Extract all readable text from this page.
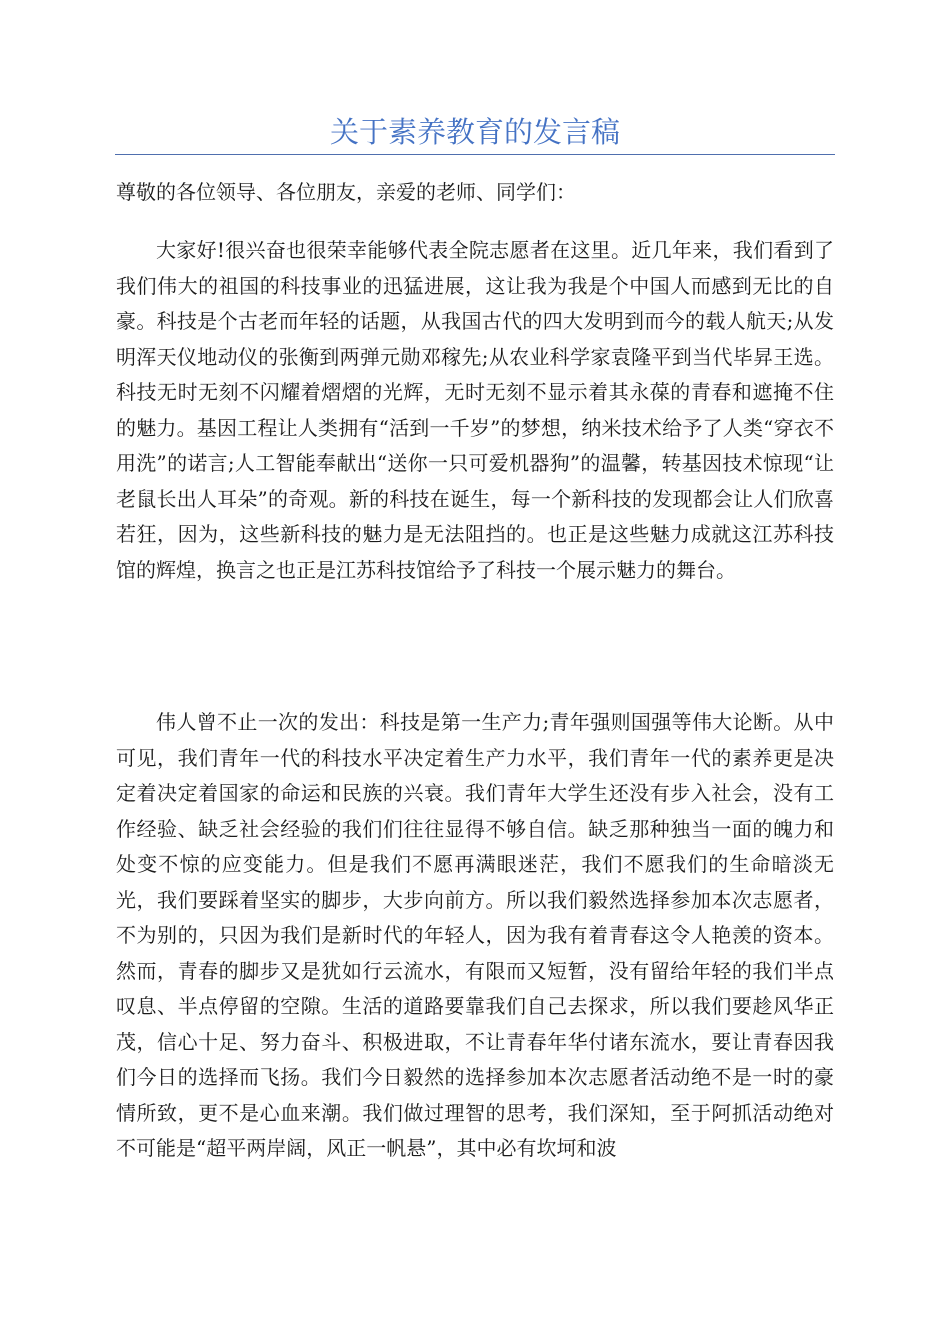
关于素养教育的发言稿

尊敬的各位领导、各位朋友，亲爱的老师、同学们：

大家好!很兴奋也很荣幸能够代表全院志愿者在这里。近几年来，我们看到了我们伟大的祖国的科技事业的迅猛进展，这让我为我是个中国人而感到无比的自豪。科技是个古老而年轻的话题，从我国古代的四大发明到而今的载人航天;从发明浑天仪地动仪的张衡到两弹元勋邓稼先;从农业科学家袁隆平到当代毕昇王选。科技无时无刻不闪耀着熠熠的光辉，无时无刻不显示着其永葆的青春和遮掩不住的魅力。基因工程让人类拥有“活到一千岁”的梦想，纳米技术给予了人类“穿衣不用洗”的诺言;人工智能奉献出“送你一只可爱机器狗”的温馨，转基因技术惊现“让老鼠长出人耳朵”的奇观。新的科技在诞生，每一个新科技的发现都会让人们欣喜若狂，因为，这些新科技的魅力是无法阻挡的。也正是这些魅力成就这江苏科技馆的辉煌，换言之也正是江苏科技馆给予了科技一个展示魅力的舞台。

伟人曾不止一次的发出：科技是第一生产力;青年强则国强等伟大论断。从中可见，我们青年一代的科技水平决定着生产力水平，我们青年一代的素养更是决定着决定着国家的命运和民族的兴衰。我们青年大学生还没有步入社会，没有工作经验、缺乏社会经验的我们们往往显得不够自信。缺乏那种独当一面的魄力和处变不惊的应变能力。但是我们不愿再满眼迷茫，我们不愿我们的生命暗淡无光，我们要踩着坚实的脚步，大步向前方。所以我们毅然选择参加本次志愿者，不为别的，只因为我们是新时代的年轻人，因为我有着青春这令人艳羡的资本。然而，青春的脚步又是犹如行云流水，有限而又短暂，没有留给年轻的我们半点叹息、半点停留的空隙。生活的道路要靠我们自己去探求，所以我们要趁风华正茂，信心十足、努力奋斗、积极进取，不让青春年华付诸东流水，要让青春因我们今日的选择而飞扬。我们今日毅然的选择参加本次志愿者活动绝不是一时的豪情所致，更不是心血来潮。我们做过理智的思考，我们深知，至于阿抓活动绝对不可能是“超平两岸阔，风正一帆悬”，其中必有坎坷和波
